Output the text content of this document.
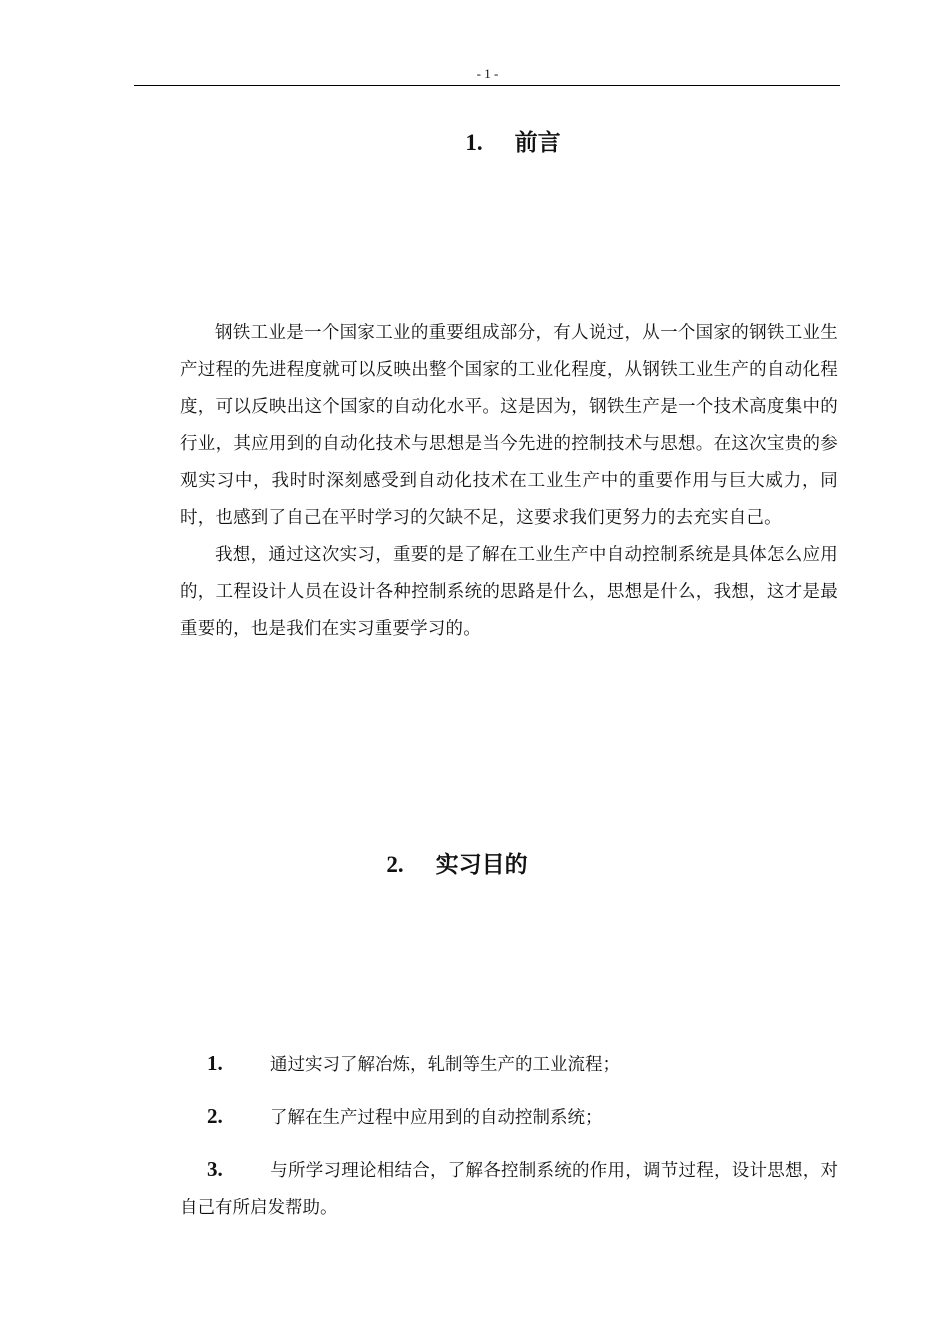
- 1 -
1. 前言

钢铁工业是一个国家工业的重要组成部分，有人说过，从一个国家的钢铁工业生产过程的先进程度就可以反映出整个国家的工业化程度，从钢铁工业生产的自动化程度，可以反映出这个国家的自动化水平。这是因为，钢铁生产是一个技术高度集中的行业，其应用到的自动化技术与思想是当今先进的控制技术与思想。在这次宝贵的参观实习中，我时时深刻感受到自动化技术在工业生产中的重要作用与巨大威力，同时，也感到了自己在平时学习的欠缺不足，这要求我们更努力的去充实自己。

我想，通过这次实习，重要的是了解在工业生产中自动控制系统是具体怎么应用的，工程设计人员在设计各种控制系统的思路是什么，思想是什么，我想，这才是最重要的，也是我们在实习重要学习的。

2. 实习目的

1.	通过实习了解冶炼，轧制等生产的工业流程；

2.	了解在生产过程中应用到的自动控制系统；

3.	与所学习理论相结合，了解各控制系统的作用，调节过程，设计思想，对自己有所启发帮助。
